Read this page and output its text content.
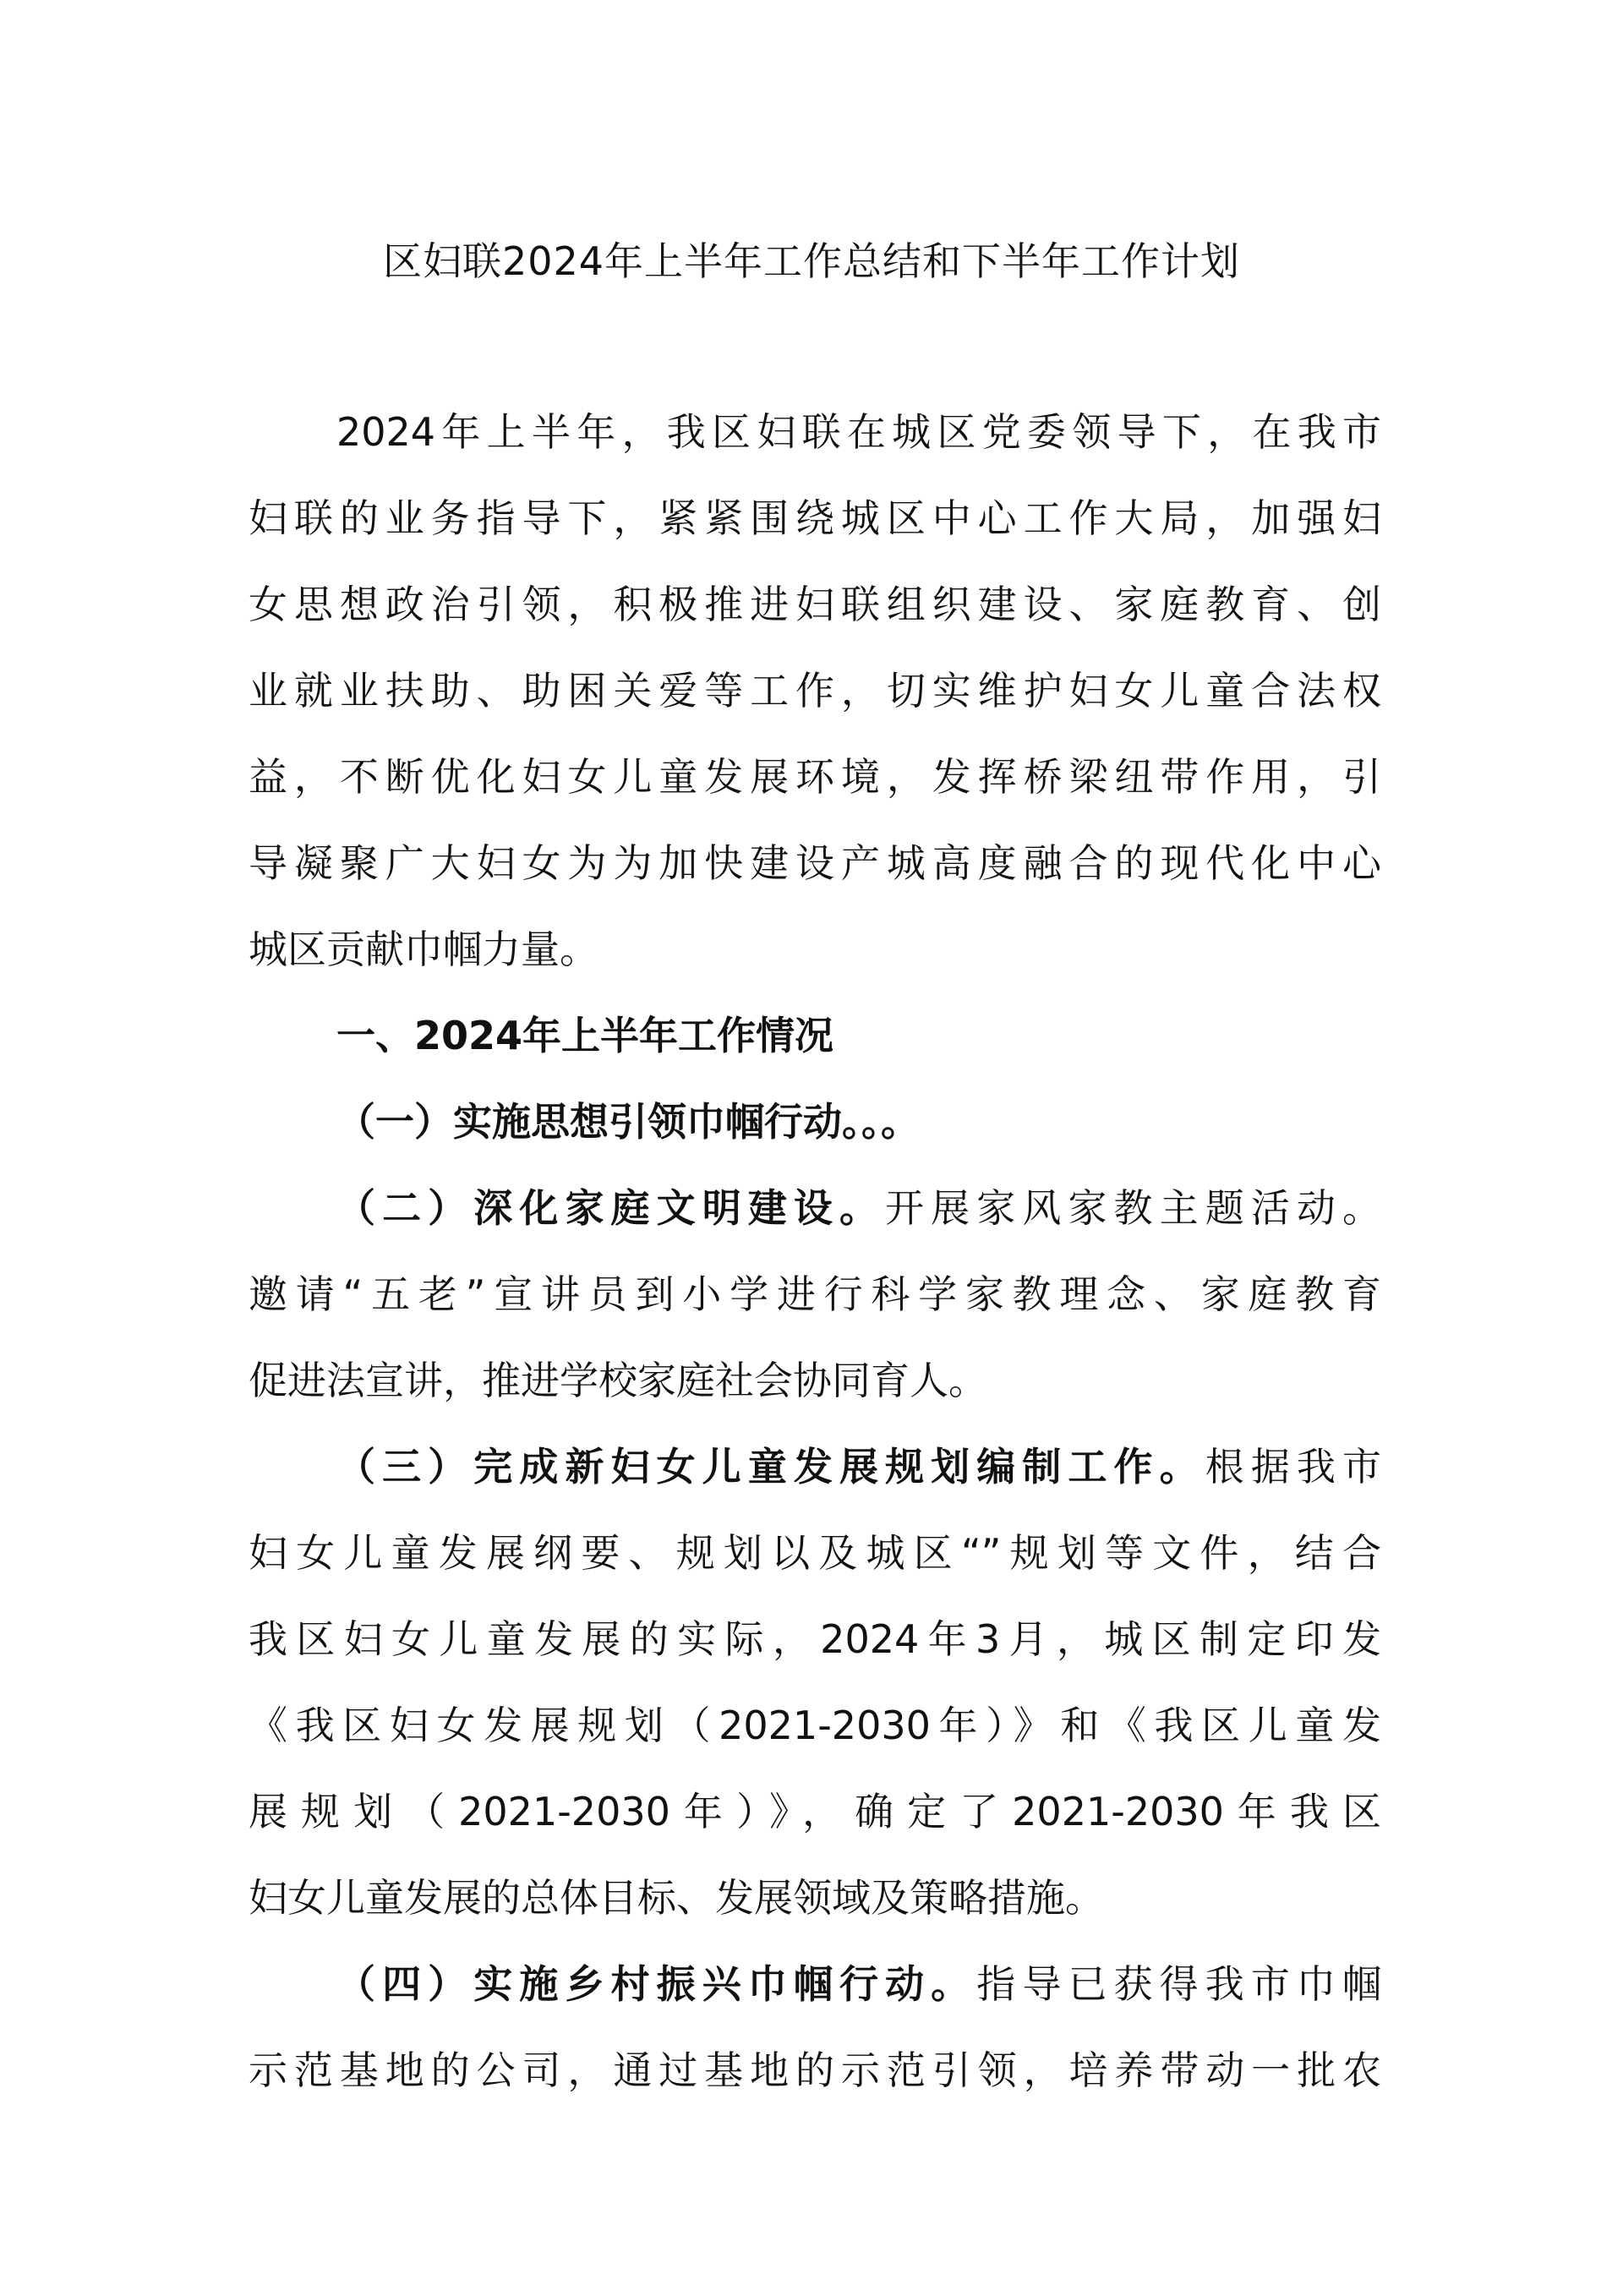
区妇联2024年上半年工作总结和下半年工作计划
2024年上半年，我区妇联在城区党委领导下，在我市
妇联的业务指导下，紧紧围绕城区中心工作大局，加强妇
女思想政治引领，积极推进妇联组织建设、家庭教育、创
业就业扶助、助困关爱等工作，切实维护妇女儿童合法权
益，不断优化妇女儿童发展环境，发挥桥梁纽带作用，引
导凝聚广大妇女为为加快建设产城高度融合的现代化中心
城区贡献巾帼力量。
一、2024年上半年工作情况
（一）实施思想引领巾帼行动。。。
（二）深化家庭文明建设。开展家风家教主题活动。
邀请“五老”宣讲员到小学进行科学家教理念、家庭教育
促进法宣讲，推进学校家庭社会协同育人。
（三）完成新妇女儿童发展规划编制工作。根据我市
妇女儿童发展纲要、规划以及城区“”规划等文件，结合
我区妇女儿童发展的实际，2024年3月，城区制定印发
《我区妇女发展规划（2021-2030年）》和《我区儿童发
展规划（2021-2030年）》，确定了2021-2030年我区
妇女儿童发展的总体目标、发展领域及策略措施。
（四）实施乡村振兴巾帼行动。指导已获得我市巾帼
示范基地的公司，通过基地的示范引领，培养带动一批农
